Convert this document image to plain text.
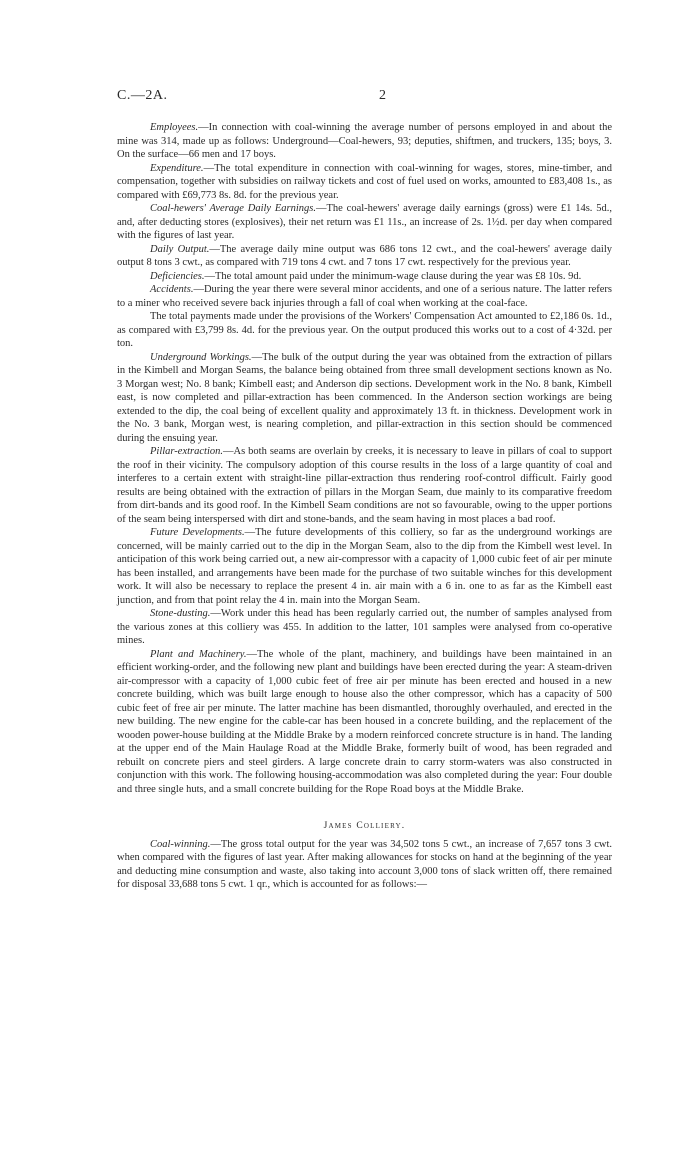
C.—2A.	2

Employees.—In connection with coal-winning the average number of persons employed in and about the mine was 314, made up as follows: Underground—Coal-hewers, 93; deputies, shiftmen, and truckers, 135; boys, 3. On the surface—66 men and 17 boys.

Expenditure.—The total expenditure in connection with coal-winning for wages, stores, mine-timber, and compensation, together with subsidies on railway tickets and cost of fuel used on works, amounted to £83,408 1s., as compared with £69,773 8s. 8d. for the previous year.

Coal-hewers' Average Daily Earnings.—The coal-hewers' average daily earnings (gross) were £1 14s. 5d., and, after deducting stores (explosives), their net return was £1 11s., an increase of 2s. 1½d. per day when compared with the figures of last year.

Daily Output.—The average daily mine output was 686 tons 12 cwt., and the coal-hewers' average daily output 8 tons 3 cwt., as compared with 719 tons 4 cwt. and 7 tons 17 cwt. respectively for the previous year.

Deficiencies.—The total amount paid under the minimum-wage clause during the year was £8 10s. 9d.

Accidents.—During the year there were several minor accidents, and one of a serious nature. The latter refers to a miner who received severe back injuries through a fall of coal when working at the coal-face.

The total payments made under the provisions of the Workers' Compensation Act amounted to £2,186 0s. 1d., as compared with £3,799 8s. 4d. for the previous year. On the output produced this works out to a cost of 4·32d. per ton.

Underground Workings.—The bulk of the output during the year was obtained from the extraction of pillars in the Kimbell and Morgan Seams, the balance being obtained from three small development sections known as No. 3 Morgan west; No. 8 bank; Kimbell east; and Anderson dip sections. Development work in the No. 8 bank, Kimbell east, is now completed and pillar-extraction has been commenced. In the Anderson section workings are being extended to the dip, the coal being of excellent quality and approximately 13 ft. in thickness. Development work in the No. 3 bank, Morgan west, is nearing completion, and pillar-extraction in this section should be commenced during the ensuing year.

Pillar-extraction.—As both seams are overlain by creeks, it is necessary to leave in pillars of coal to support the roof in their vicinity. The compulsory adoption of this course results in the loss of a large quantity of coal and interferes to a certain extent with straight-line pillar-extraction thus rendering roof-control difficult. Fairly good results are being obtained with the extraction of pillars in the Morgan Seam, due mainly to its comparative freedom from dirt-bands and its good roof. In the Kimbell Seam conditions are not so favourable, owing to the upper portions of the seam being interspersed with dirt and stone-bands, and the seam having in most places a bad roof.

Future Developments.—The future developments of this colliery, so far as the underground workings are concerned, will be mainly carried out to the dip in the Morgan Seam, also to the dip from the Kimbell west level. In anticipation of this work being carried out, a new air-compressor with a capacity of 1,000 cubic feet of air per minute has been installed, and arrangements have been made for the purchase of two suitable winches for this development work. It will also be necessary to replace the present 4 in. air main with a 6 in. one to as far as the Kimbell east junction, and from that point relay the 4 in. main into the Morgan Seam.

Stone-dusting.—Work under this head has been regularly carried out, the number of samples analysed from the various zones at this colliery was 455. In addition to the latter, 101 samples were analysed from co-operative mines.

Plant and Machinery.—The whole of the plant, machinery, and buildings have been maintained in an efficient working-order, and the following new plant and buildings have been erected during the year: A steam-driven air-compressor with a capacity of 1,000 cubic feet of free air per minute has been erected and housed in a new concrete building, which was built large enough to house also the other compressor, which has a capacity of 500 cubic feet of free air per minute. The latter machine has been dismantled, thoroughly overhauled, and erected in the new building. The new engine for the cable-car has been housed in a concrete building, and the replacement of the wooden power-house building at the Middle Brake by a modern reinforced concrete structure is in hand. The landing at the upper end of the Main Haulage Road at the Middle Brake, formerly built of wood, has been regraded and rebuilt on concrete piers and steel girders. A large concrete drain to carry storm-waters was also constructed in conjunction with this work. The following housing-accommodation was also completed during the year: Four double and three single huts, and a small concrete building for the Rope Road boys at the Middle Brake.

James Colliery.

Coal-winning.—The gross total output for the year was 34,502 tons 5 cwt., an increase of 7,657 tons 3 cwt. when compared with the figures of last year. After making allowances for stocks on hand at the beginning of the year and deducting mine consumption and waste, also taking into account 3,000 tons of slack written off, there remained for disposal 33,688 tons 5 cwt. 1 qr., which is accounted for as follows:—
